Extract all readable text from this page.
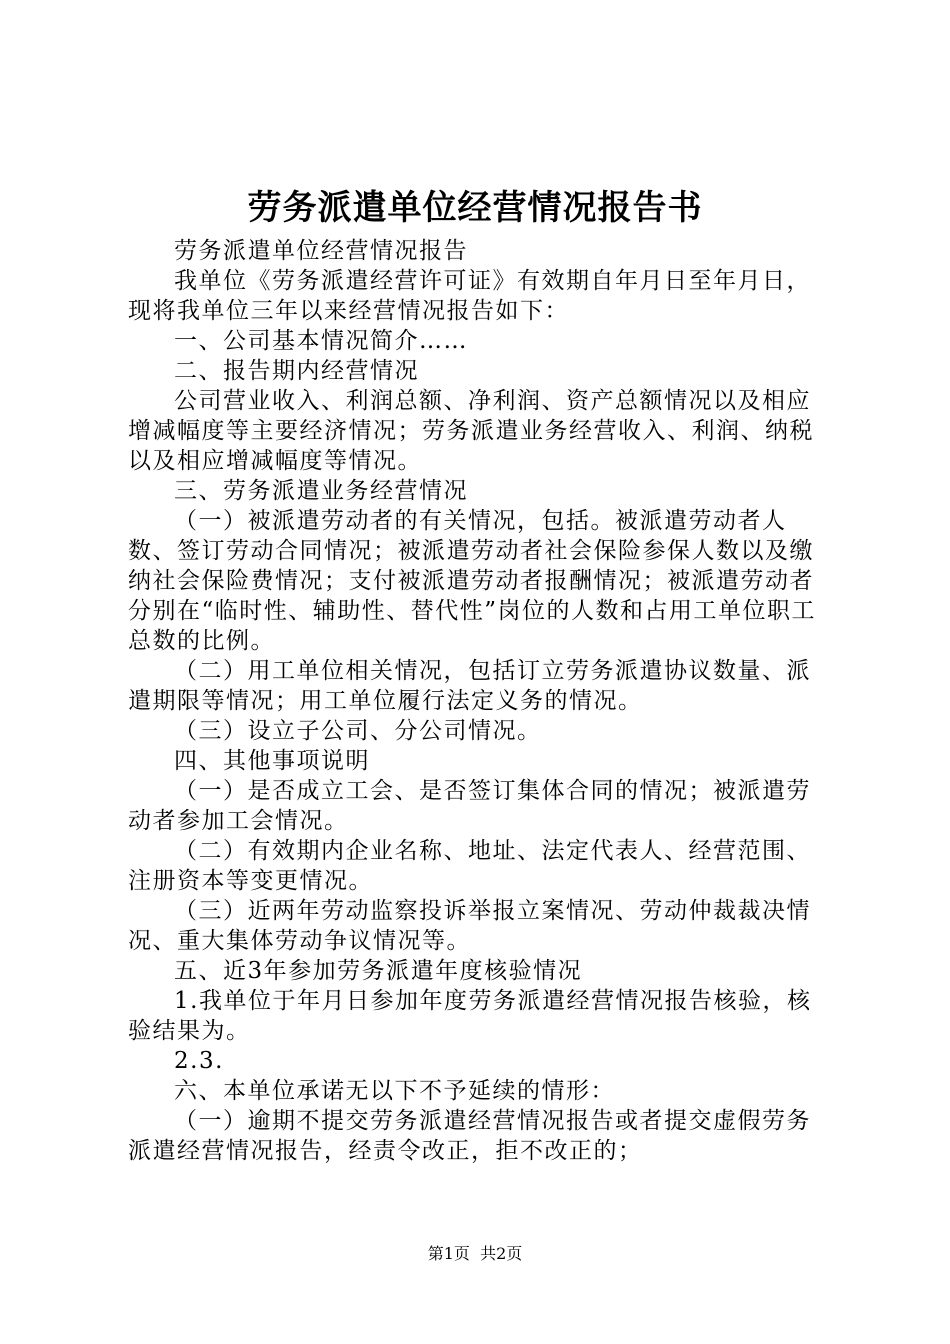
劳务派遣单位经营情况报告书

劳务派遣单位经营情况报告

我单位《劳务派遣经营许可证》有效期自年月日至年月日，现将我单位三年以来经营情况报告如下：

一、公司基本情况简介……

二、报告期内经营情况

公司营业收入、利润总额、净利润、资产总额情况以及相应增减幅度等主要经济情况；劳务派遣业务经营收入、利润、纳税以及相应增减幅度等情况。

三、劳务派遣业务经营情况

（一）被派遣劳动者的有关情况，包括。被派遣劳动者人数、签订劳动合同情况；被派遣劳动者社会保险参保人数以及缴纳社会保险费情况；支付被派遣劳动者报酬情况；被派遣劳动者分别在“临时性、辅助性、替代性”岗位的人数和占用工单位职工总数的比例。

（二）用工单位相关情况，包括订立劳务派遣协议数量、派遣期限等情况；用工单位履行法定义务的情况。

（三）设立子公司、分公司情况。

四、其他事项说明

（一）是否成立工会、是否签订集体合同的情况；被派遣劳动者参加工会情况。

（二）有效期内企业名称、地址、法定代表人、经营范围、注册资本等变更情况。

（三）近两年劳动监察投诉举报立案情况、劳动仲裁裁决情况、重大集体劳动争议情况等。

五、近3年参加劳务派遣年度核验情况

1.我单位于年月日参加年度劳务派遣经营情况报告核验，核验结果为。

2.3.

六、本单位承诺无以下不予延续的情形：

（一）逾期不提交劳务派遣经营情况报告或者提交虚假劳务派遣经营情况报告，经责令改正，拒不改正的；

第1页  共2页
